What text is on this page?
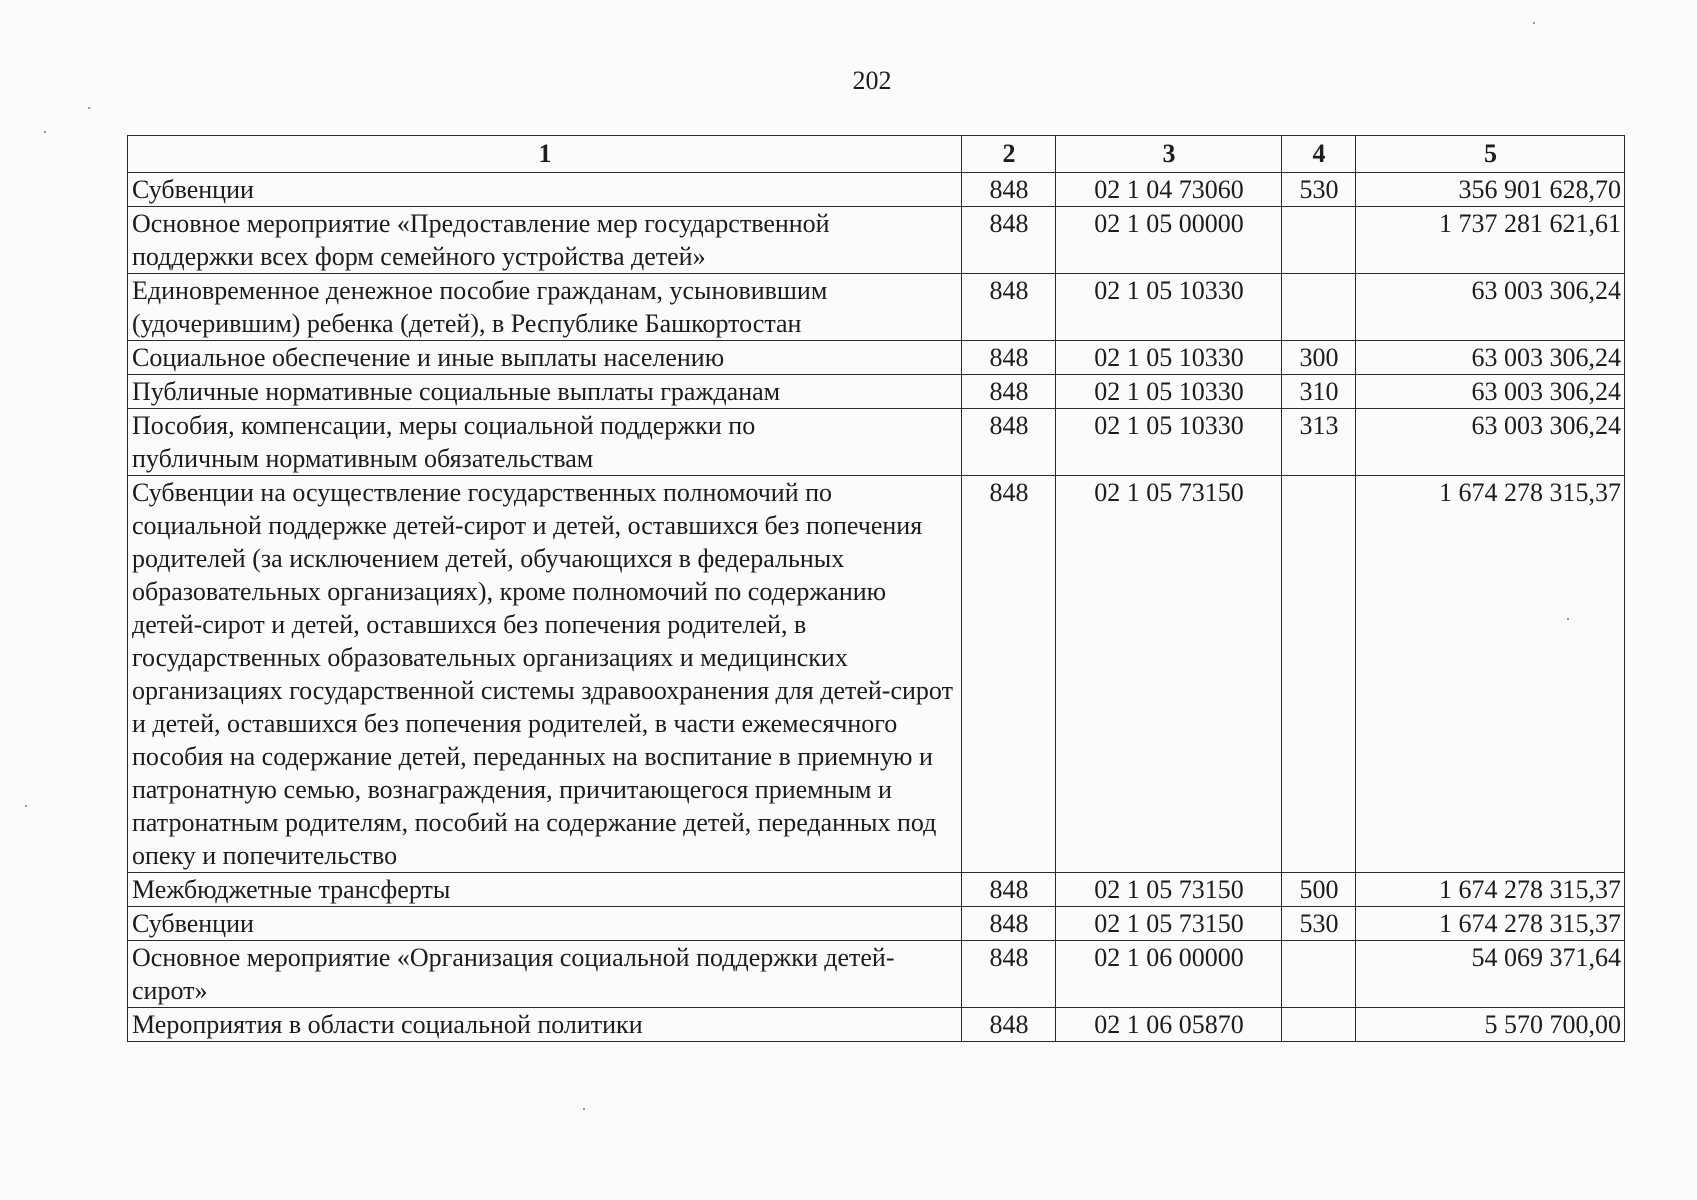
202
1	2	3	4	5
Субвенции	848	02 1 04 73060	530	356 901 628,70
Основное мероприятие «Предоставление мер государственной поддержки всех форм семейного устройства детей»	848	02 1 05 00000		1 737 281 621,61
Единовременное денежное пособие гражданам, усыновившим (удочерившим) ребенка (детей), в Республике Башкортостан	848	02 1 05 10330		63 003 306,24
Социальное обеспечение и иные выплаты населению	848	02 1 05 10330	300	63 003 306,24
Публичные нормативные социальные выплаты гражданам	848	02 1 05 10330	310	63 003 306,24
Пособия, компенсации, меры социальной поддержки по публичным нормативным обязательствам	848	02 1 05 10330	313	63 003 306,24
Субвенции на осуществление государственных полномочий по социальной поддержке детей-сирот и детей, оставшихся без попечения родителей (за исключением детей, обучающихся в федеральных образовательных организациях), кроме полномочий по содержанию детей-сирот и детей, оставшихся без попечения родителей, в государственных образовательных организациях и медицинских организациях государственной системы здравоохранения для детей-сирот и детей, оставшихся без попечения родителей, в части ежемесячного пособия на содержание детей, переданных на воспитание в приемную и патронатную семью, вознаграждения, причитающегося приемным и патронатным родителям, пособий на содержание детей, переданных под опеку и попечительство	848	02 1 05 73150		1 674 278 315,37
Межбюджетные трансферты	848	02 1 05 73150	500	1 674 278 315,37
Субвенции	848	02 1 05 73150	530	1 674 278 315,37
Основное мероприятие «Организация социальной поддержки детей-сирот»	848	02 1 06 00000		54 069 371,64
Мероприятия в области социальной политики	848	02 1 06 05870		5 570 700,00
